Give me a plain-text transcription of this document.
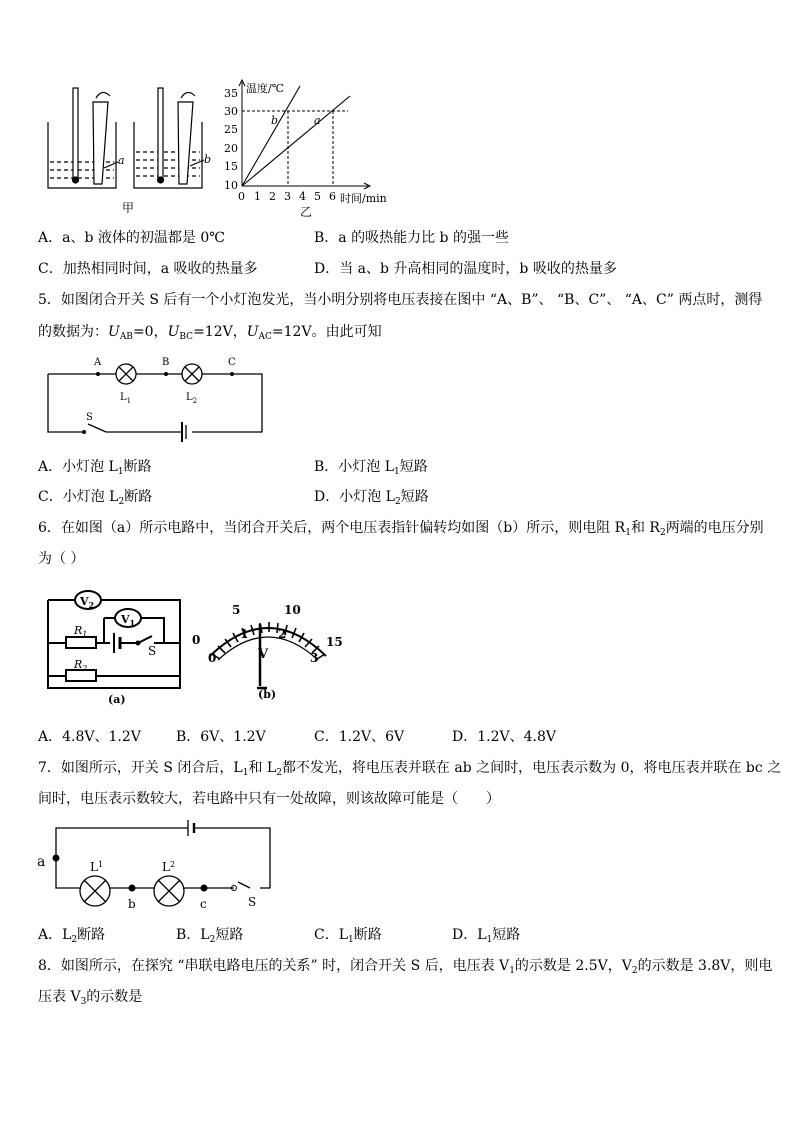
a	b
甲
温度/℃
时间/min
35
30
25
20
15
10
0 1 2 3 4 5 6
b	a
乙
A．a、b 液体的初温都是 0℃	B．a 的吸热能力比 b 的强一些
C．加热相同时间，a 吸收的热量多	D．当 a、b 升高相同的温度时，b 吸收的热量多
5．如图闭合开关 S 后有一个小灯泡发光，当小明分别将电压表接在图中 “A、B”、 “B、C”、 “A、C” 两点时，测得
的数据为：$U_{AB}=0$，$U_{BC}=12V$，$U_{AC}=12V$。由此可知
A	B	C
$L_1$	$L_2$
S
A．小灯泡 $L_1$断路	B．小灯泡 $L_1$短路
C．小灯泡 $L_2$断路	D．小灯泡 $L_2$短路
6．在如图（a）所示电路中，当闭合开关后，两个电压表指针偏转均如图（b）所示，则电阻 $R_1$和 $R_2$两端的电压分别
为（ ）
$V_2$
$V_1$
$R_1$
$R_2$
S
(a)
0
5	10
15
0
1 2
3
V
(b)
A．4.8V、1.2V	B．6V、1.2V	C．1.2V、6V	D．1.2V、4.8V
7．如图所示，开关 S 闭合后，$L_1$和 $L_2$都不发光，将电压表并联在 ab 之间时，电压表示数为 0，将电压表并联在 bc 之
间时，电压表示数较大，若电路中只有一处故障，则该故障可能是（　　）
a
b	c
$L^1$	$L^2$
S
A．$L_2$断路	B．$L_2$短路	C．$L_1$断路	D．$L_1$短路
8．如图所示，在探究 “串联电路电压的关系” 时，闭合开关 S 后，电压表 $V_1$的示数是 2.5V，$V_2$的示数是 3.8V，则电
压表 $V_3$的示数是
